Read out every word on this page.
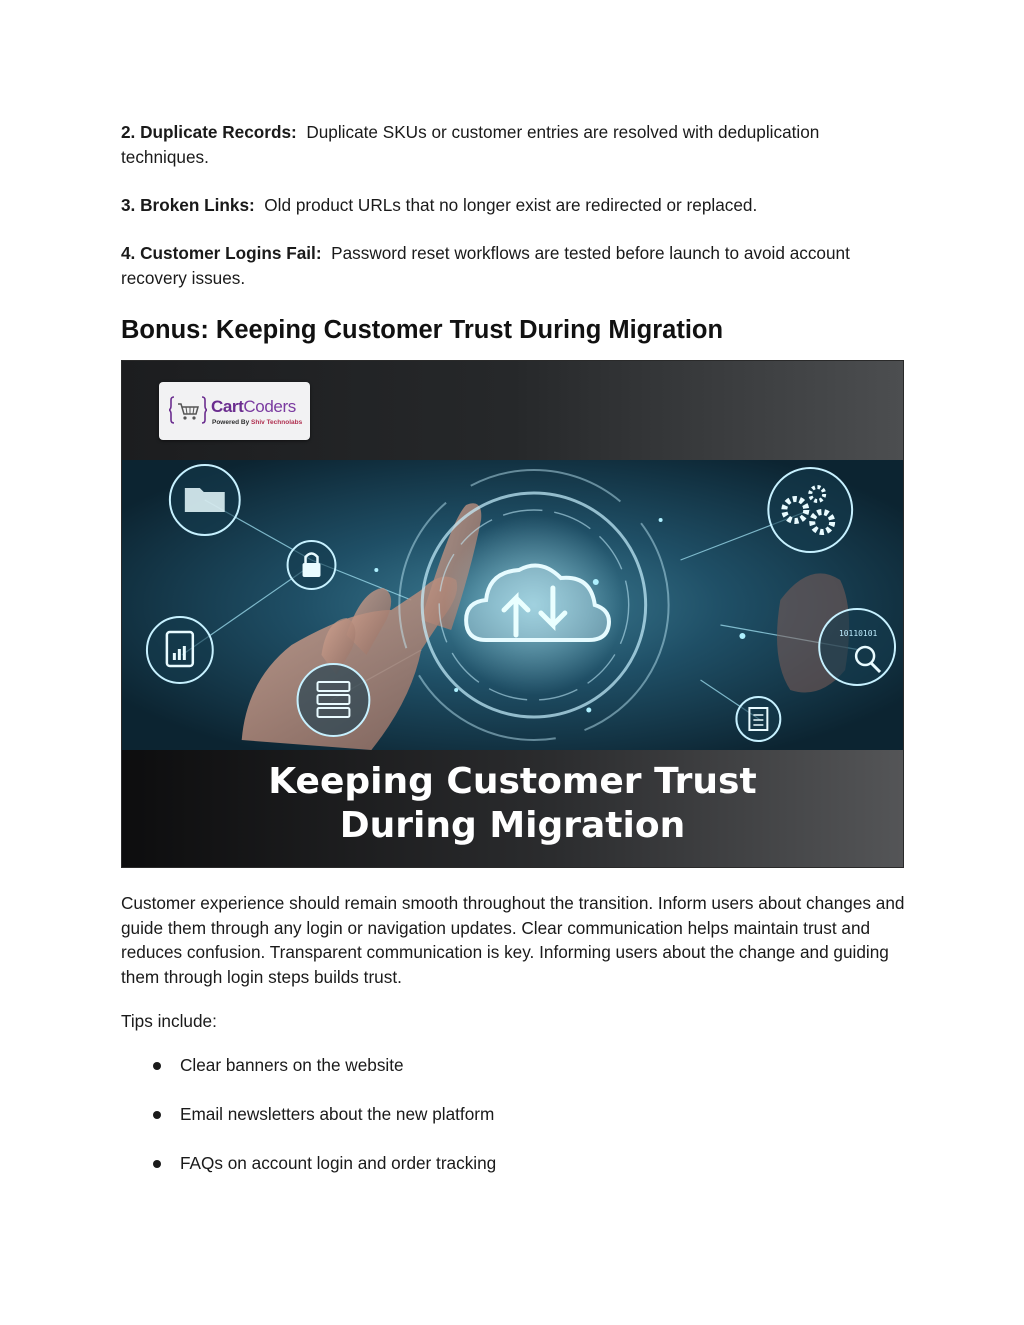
2. Duplicate Records: Duplicate SKUs or customer entries are resolved with deduplication techniques.

3. Broken Links: Old product URLs that no longer exist are redirected or replaced.

4. Customer Logins Fail: Password reset workflows are tested before launch to avoid account recovery issues.

Bonus: Keeping Customer Trust During Migration
CartCoders
Powered By Shiv Technolabs
10110101

Keeping Customer Trust
During Migration

Customer experience should remain smooth throughout the transition. Inform users about changes and guide them through any login or navigation updates. Clear communication helps maintain trust and reduces confusion. Transparent communication is key. Informing users about the change and guiding them through login steps builds trust.

Tips include:

Clear banners on the website
Email newsletters about the new platform
FAQs on account login and order tracking
